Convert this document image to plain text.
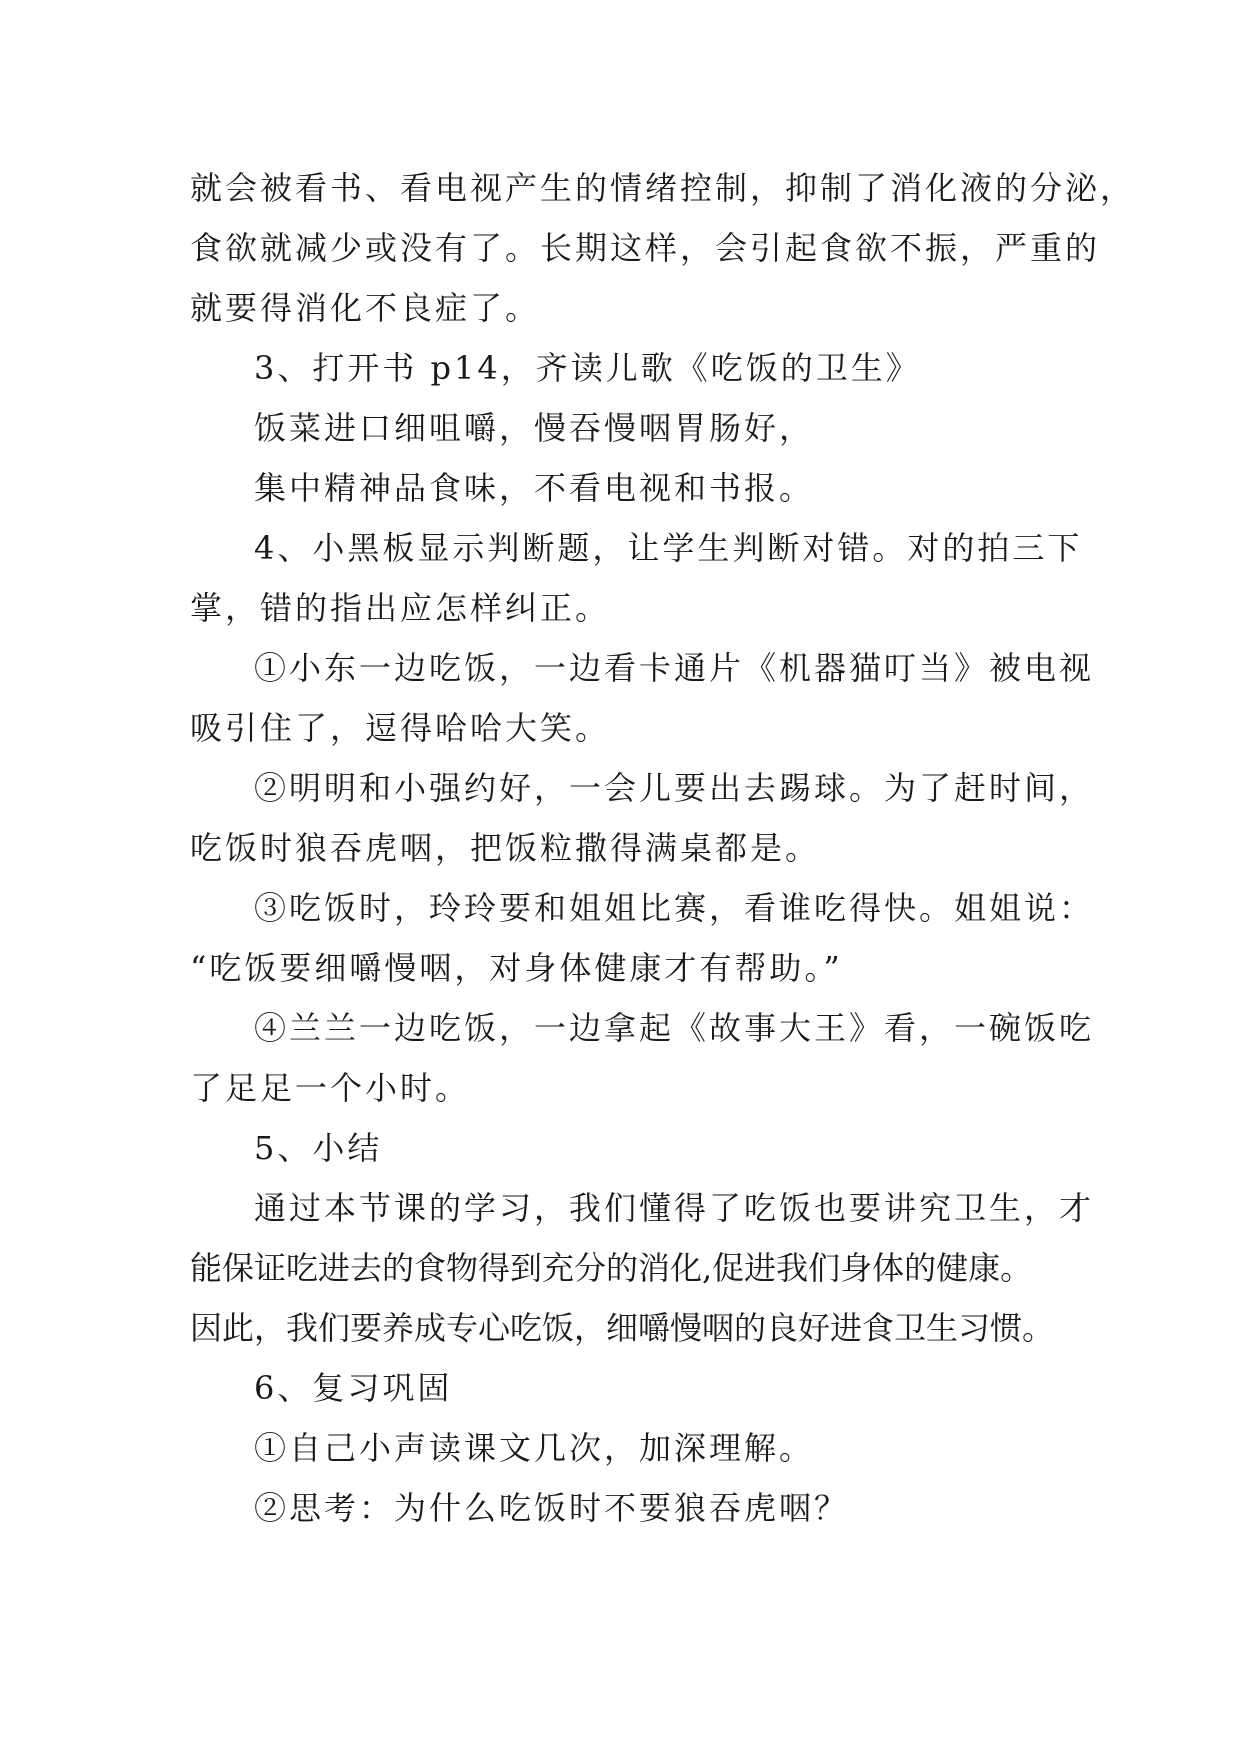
就会被看书、看电视产生的情绪控制，抑制了消化液的分泌，
食欲就减少或没有了。长期这样，会引起食欲不振，严重的
就要得消化不良症了。
3、打开书 p14，齐读儿歌《吃饭的卫生》
饭菜进口细咀嚼，慢吞慢咽胃肠好，
集中精神品食味，不看电视和书报。
4、小黑板显示判断题，让学生判断对错。对的拍三下
掌，错的指出应怎样纠正。
①小东一边吃饭，一边看卡通片《机器猫叮当》被电视
吸引住了，逗得哈哈大笑。
②明明和小强约好，一会儿要出去踢球。为了赶时间，
吃饭时狼吞虎咽，把饭粒撒得满桌都是。
③吃饭时，玲玲要和姐姐比赛，看谁吃得快。姐姐说：
“吃饭要细嚼慢咽，对身体健康才有帮助。”
④兰兰一边吃饭，一边拿起《故事大王》看，一碗饭吃
了足足一个小时。
5、小结
通过本节课的学习，我们懂得了吃饭也要讲究卫生，才
能保证吃进去的食物得到充分的消化,促进我们身体的健康。
因此，我们要养成专心吃饭，细嚼慢咽的良好进食卫生习惯。
6、复习巩固
①自己小声读课文几次，加深理解。
②思考：为什么吃饭时不要狼吞虎咽？
